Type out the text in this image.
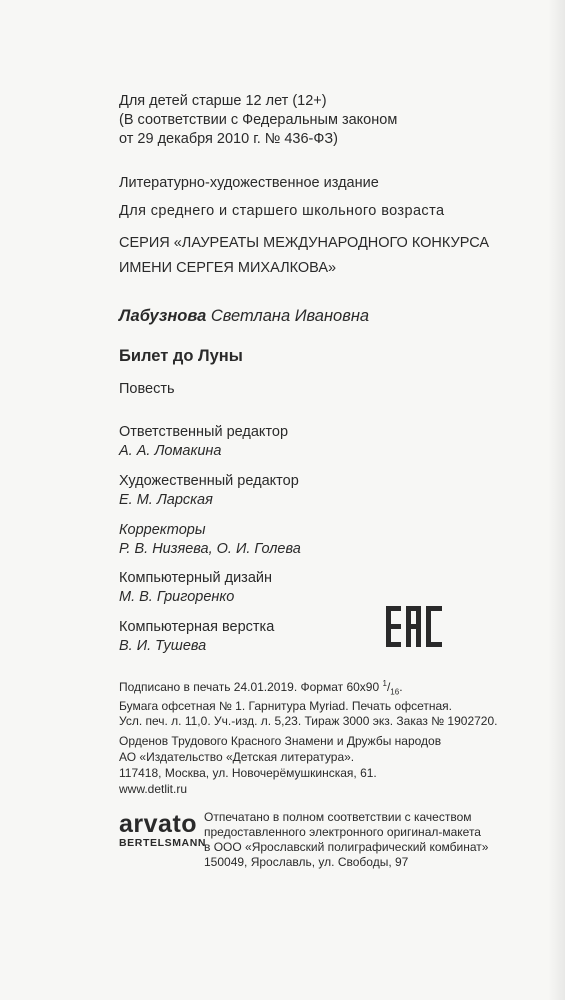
Для детей старше 12 лет (12+)
(В соответствии с Федеральным законом
от 29 декабря 2010 г. № 436-ФЗ)
Литературно-художественное издание
Для среднего и старшего школьного возраста
СЕРИЯ «ЛАУРЕАТЫ МЕЖДУНАРОДНОГО КОНКУРСА
ИМЕНИ СЕРГЕЯ МИХАЛКОВА»
Лабузнова Светлана Ивановна
Билет до Луны
Повесть
Ответственный редактор
А. А. Ломакина
Художественный редактор
Е. М. Ларская
Корректоры
Р. В. Низяева, О. И. Голева
Компьютерный дизайн
М. В. Григоренко
Компьютерная верстка
В. И. Тушева
Подписано в печать 24.01.2019. Формат 60x90 $^1/_{16}$.
Бумага офсетная № 1. Гарнитура Myriad. Печать офсетная.
Усл. печ. л. 11,0. Уч.-изд. л. 5,23. Тираж 3000 экз. Заказ № 1902720.
Орденов Трудового Красного Знамени и Дружбы народов
АО «Издательство «Детская литература».
117418, Москва, ул. Новочерёмушкинская, 61.
www.detlit.ru
arvato
BERTELSMANN
Отпечатано в полном соответствии с качеством
предоставленного электронного оригинал-макета
в ООО «Ярославский полиграфический комбинат»
150049, Ярославль, ул. Свободы, 97
